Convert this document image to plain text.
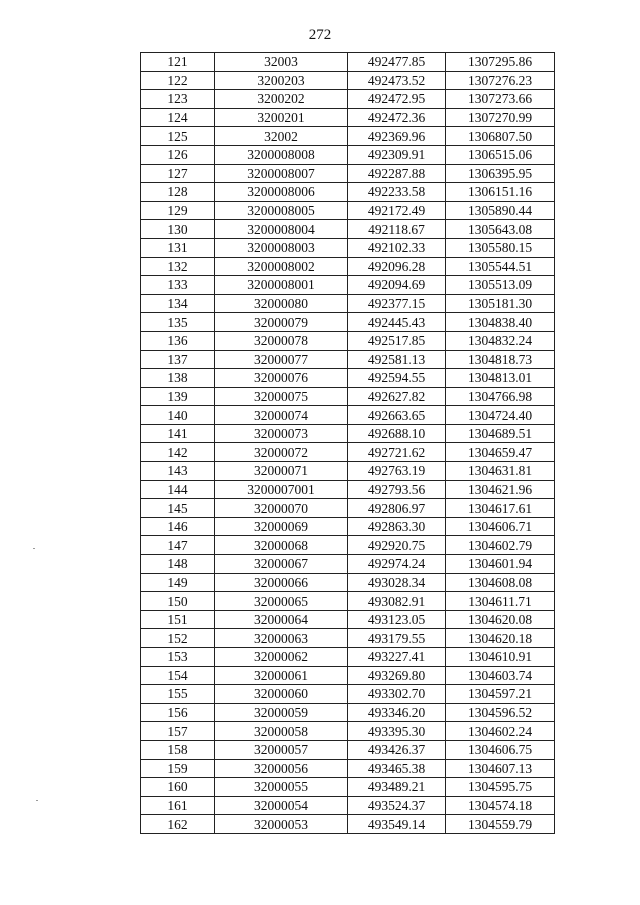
272
121	32003	492477.85	1307295.86
122	3200203	492473.52	1307276.23
123	3200202	492472.95	1307273.66
124	3200201	492472.36	1307270.99
125	32002	492369.96	1306807.50
126	3200008008	492309.91	1306515.06
127	3200008007	492287.88	1306395.95
128	3200008006	492233.58	1306151.16
129	3200008005	492172.49	1305890.44
130	3200008004	492118.67	1305643.08
131	3200008003	492102.33	1305580.15
132	3200008002	492096.28	1305544.51
133	3200008001	492094.69	1305513.09
134	32000080	492377.15	1305181.30
135	32000079	492445.43	1304838.40
136	32000078	492517.85	1304832.24
137	32000077	492581.13	1304818.73
138	32000076	492594.55	1304813.01
139	32000075	492627.82	1304766.98
140	32000074	492663.65	1304724.40
141	32000073	492688.10	1304689.51
142	32000072	492721.62	1304659.47
143	32000071	492763.19	1304631.81
144	3200007001	492793.56	1304621.96
145	32000070	492806.97	1304617.61
146	32000069	492863.30	1304606.71
147	32000068	492920.75	1304602.79
148	32000067	492974.24	1304601.94
149	32000066	493028.34	1304608.08
150	32000065	493082.91	1304611.71
151	32000064	493123.05	1304620.08
152	32000063	493179.55	1304620.18
153	32000062	493227.41	1304610.91
154	32000061	493269.80	1304603.74
155	32000060	493302.70	1304597.21
156	32000059	493346.20	1304596.52
157	32000058	493395.30	1304602.24
158	32000057	493426.37	1304606.75
159	32000056	493465.38	1304607.13
160	32000055	493489.21	1304595.75
161	32000054	493524.37	1304574.18
162	32000053	493549.14	1304559.79
